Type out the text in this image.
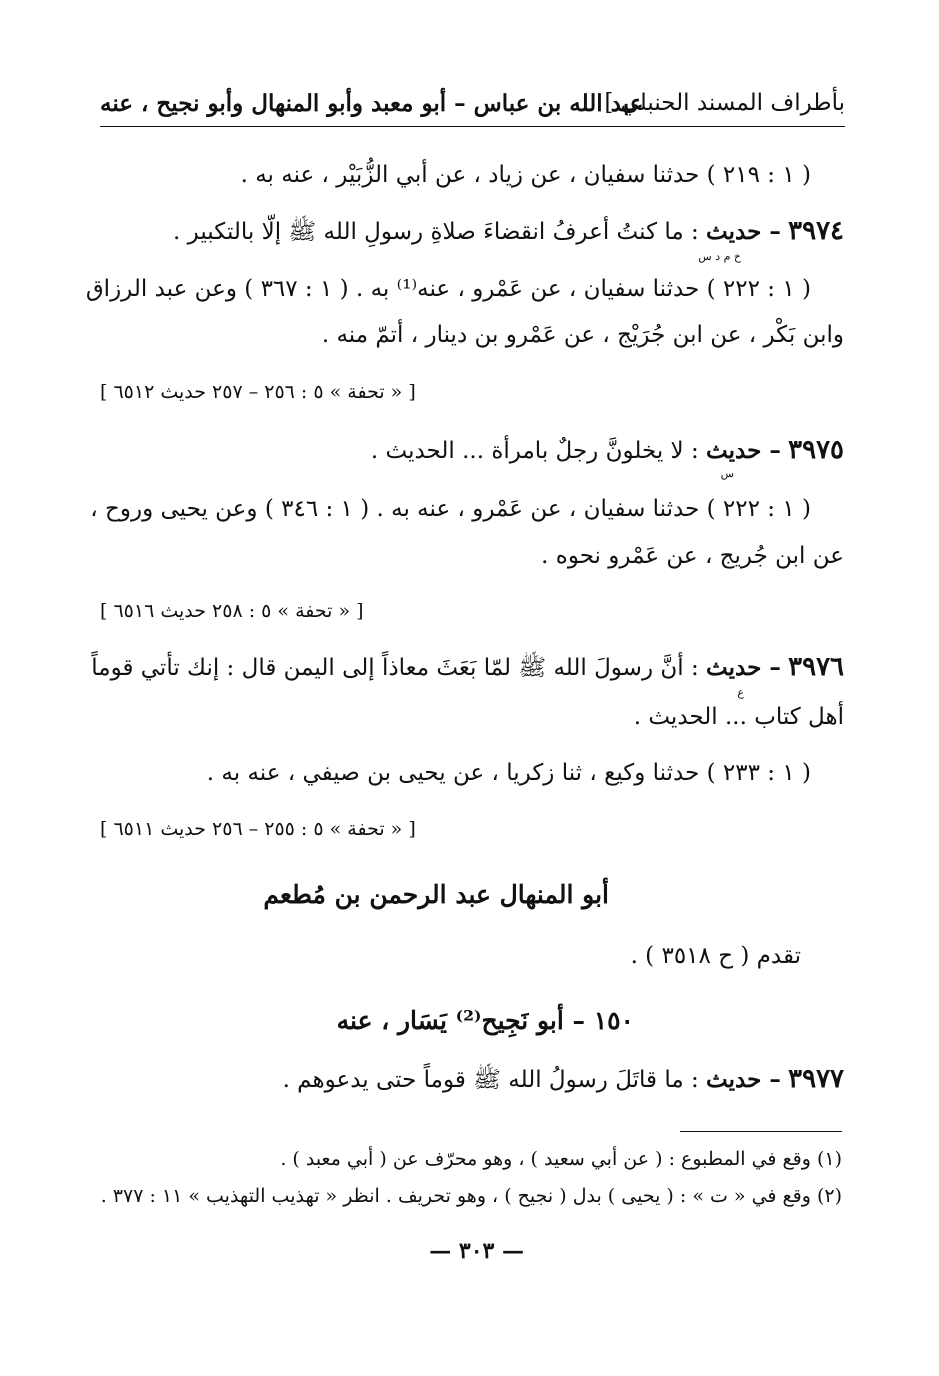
بأطراف المسند الحنبلي ]
عبد الله بن عباس – أبو معبد وأبو المنهال وأبو نجيح ، عنه
( ١ : ٢١٩ ) حدثنا سفيان ، عن زياد ، عن أبي الزُّبَيْر ، عنه به .
٣٩٧٤ – حديث : ما كنتُ أعرفُ انقضاءَ صلاةِ رسولِ الله ﷺ إلّا بالتكبير .
خ م د س
( ١ : ٢٢٢ ) حدثنا سفيان ، عن عَمْرو ، عنه⁽¹⁾ به . ( ١ : ٣٦٧ ) وعن عبد الرزاق
وابن بَكْر ، عن ابن جُرَيْج ، عن عَمْرو بن دينار ، أتمّ منه .
[ « تحفة » ٥ : ٢٥٦ – ٢٥٧ حديث ٦٥١٢ ]
٣٩٧٥ – حديث : لا يخلونَّ رجلٌ بامرأة ... الحديث .
س
( ١ : ٢٢٢ ) حدثنا سفيان ، عن عَمْرو ، عنه به . ( ١ : ٣٤٦ ) وعن يحيى وروح ،
عن ابن جُريج ، عن عَمْرو نحوه .
[ « تحفة » ٥ : ٢٥٨ حديث ٦٥١٦ ]
٣٩٧٦ – حديث : أنَّ رسولَ الله ﷺ لمّا بَعَثَ معاذاً إلى اليمن قال : إنك تأتي قوماً
ع
أهل كتاب ... الحديث .
( ١ : ٢٣٣ ) حدثنا وكيع ، ثنا زكريا ، عن يحيى بن صيفي ، عنه به .
[ « تحفة » ٥ : ٢٥٥ – ٢٥٦ حديث ٦٥١١ ]
أبو المنهال عبد الرحمن بن مُطعم
تقدم ( ح ٣٥١٨ ) .
١٥٠ – أبو نَجِيح⁽²⁾ يَسَار ، عنه
٣٩٧٧ – حديث : ما قاتَلَ رسولُ الله ﷺ قوماً حتى يدعوهم .
(١) وقع في المطبوع : ( عن أبي سعيد ) ، وهو محرّف عن ( أبي معبد ) .
(٢) وقع في « ت » : ( يحيى ) بدل ( نجيح ) ، وهو تحريف . انظر « تهذيب التهذيب » ١١ : ٣٧٧ .
— ٣٠٣ —
